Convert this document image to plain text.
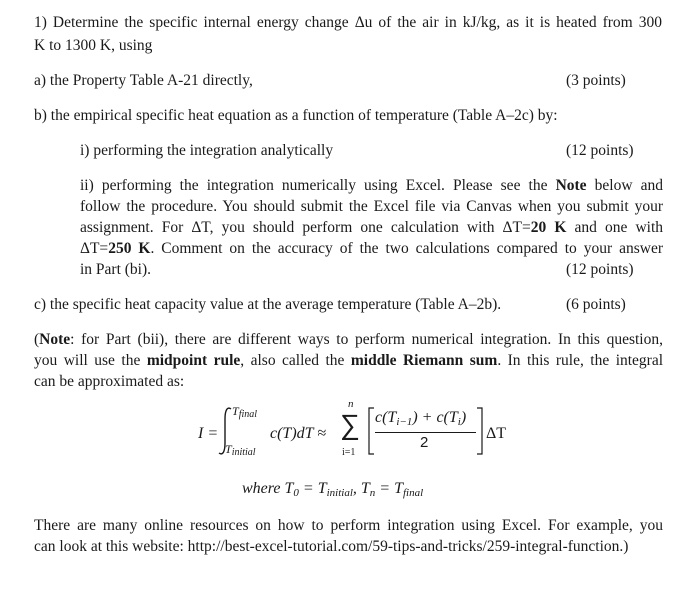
1) Determine the specific internal energy change Δu of the air in kJ/kg, as it is heated from 300
K to 1300 K, using
a) the Property Table A-21 directly,	(3 points)
b) the empirical specific heat equation as a function of temperature (Table A–2c) by:
i) performing the integration analytically	(12 points)
ii) performing the integration numerically using Excel. Please see the Note below and
follow the procedure. You should submit the Excel file via Canvas when you submit your
assignment. For ΔT, you should perform one calculation with ΔT=20 K and one with
ΔT=250 K. Comment on the accuracy of the two calculations compared to your answer
in Part (bi).	(12 points)
c) the specific heat capacity value at the average temperature (Table A–2b).	(6 points)
(Note: for Part (bii), there are different ways to perform numerical integration. In this question,
you will use the midpoint rule, also called the middle Riemann sum. In this rule, the integral
can be approximated as:
I =
Tfinal
Tinitial
c(T)dT ≈
n
∑
i=1
c(Ti−1) + c(Ti)
2
ΔT
where T0 = Tinitial, Tn = Tfinal
There are many online resources on how to perform integration using Excel. For example, you
can look at this website: http://best-excel-tutorial.com/59-tips-and-tricks/259-integral-function.)
